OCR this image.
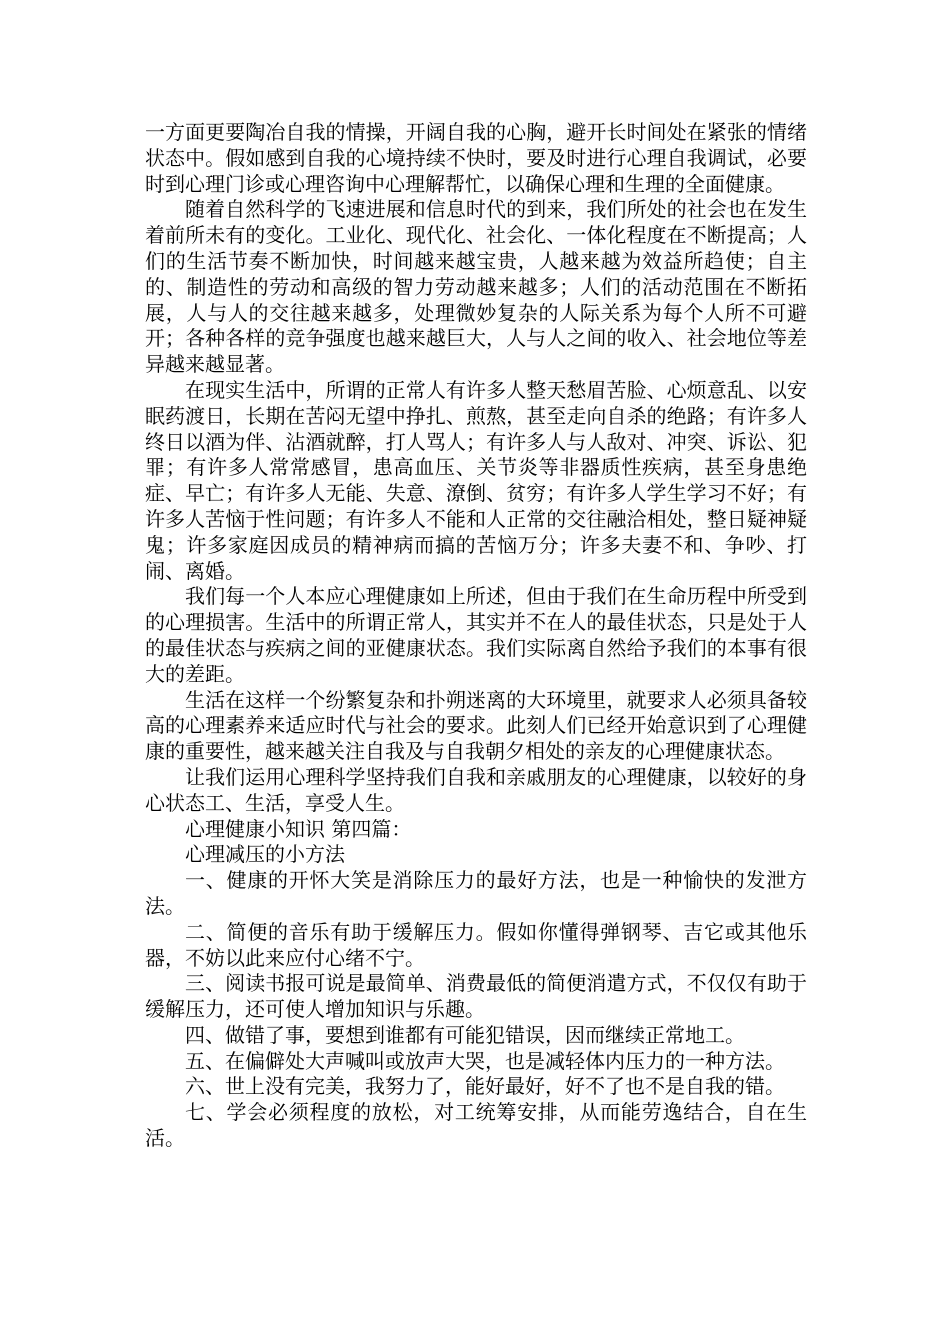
一方面更要陶冶自我的情操，开阔自我的心胸，避开长时间处在紧张的情绪状态中。假如感到自我的心境持续不快时，要及时进行心理自我调试，必要时到心理门诊或心理咨询中心理解帮忙，以确保心理和生理的全面健康。

随着自然科学的飞速进展和信息时代的到来，我们所处的社会也在发生着前所未有的变化。工业化、现代化、社会化、一体化程度在不断提高；人们的生活节奏不断加快，时间越来越宝贵，人越来越为效益所趋使；自主的、制造性的劳动和高级的智力劳动越来越多；人们的活动范围在不断拓展，人与人的交往越来越多，处理微妙复杂的人际关系为每个人所不可避开；各种各样的竞争强度也越来越巨大，人与人之间的收入、社会地位等差异越来越显著。

在现实生活中，所谓的正常人有许多人整天愁眉苦脸、心烦意乱、以安眠药渡日，长期在苦闷无望中挣扎、煎熬，甚至走向自杀的绝路；有许多人终日以酒为伴、沾酒就醉，打人骂人；有许多人与人敌对、冲突、诉讼、犯罪；有许多人常常感冒，患高血压、关节炎等非器质性疾病，甚至身患绝症、早亡；有许多人无能、失意、潦倒、贫穷；有许多人学生学习不好；有许多人苦恼于性问题；有许多人不能和人正常的交往融洽相处，整日疑神疑鬼；许多家庭因成员的精神病而搞的苦恼万分；许多夫妻不和、争吵、打闹、离婚。

我们每一个人本应心理健康如上所述，但由于我们在生命历程中所受到的心理损害。生活中的所谓正常人，其实并不在人的最佳状态，只是处于人的最佳状态与疾病之间的亚健康状态。我们实际离自然给予我们的本事有很大的差距。

生活在这样一个纷繁复杂和扑朔迷离的大环境里，就要求人必须具备较高的心理素养来适应时代与社会的要求。此刻人们已经开始意识到了心理健康的重要性，越来越关注自我及与自我朝夕相处的亲友的心理健康状态。

让我们运用心理科学坚持我们自我和亲戚朋友的心理健康，以较好的身心状态工、生活，享受人生。

心理健康小知识 第四篇：

心理减压的小方法

一、健康的开怀大笑是消除压力的最好方法，也是一种愉快的发泄方法。

二、简便的音乐有助于缓解压力。假如你懂得弹钢琴、吉它或其他乐器，不妨以此来应付心绪不宁。

三、阅读书报可说是最简单、消费最低的简便消遣方式，不仅仅有助于缓解压力，还可使人增加知识与乐趣。

四、做错了事，要想到谁都有可能犯错误，因而继续正常地工。

五、在偏僻处大声喊叫或放声大哭，也是减轻体内压力的一种方法。

六、世上没有完美，我努力了，能好最好，好不了也不是自我的错。

七、学会必须程度的放松，对工统筹安排，从而能劳逸结合，自在生活。
